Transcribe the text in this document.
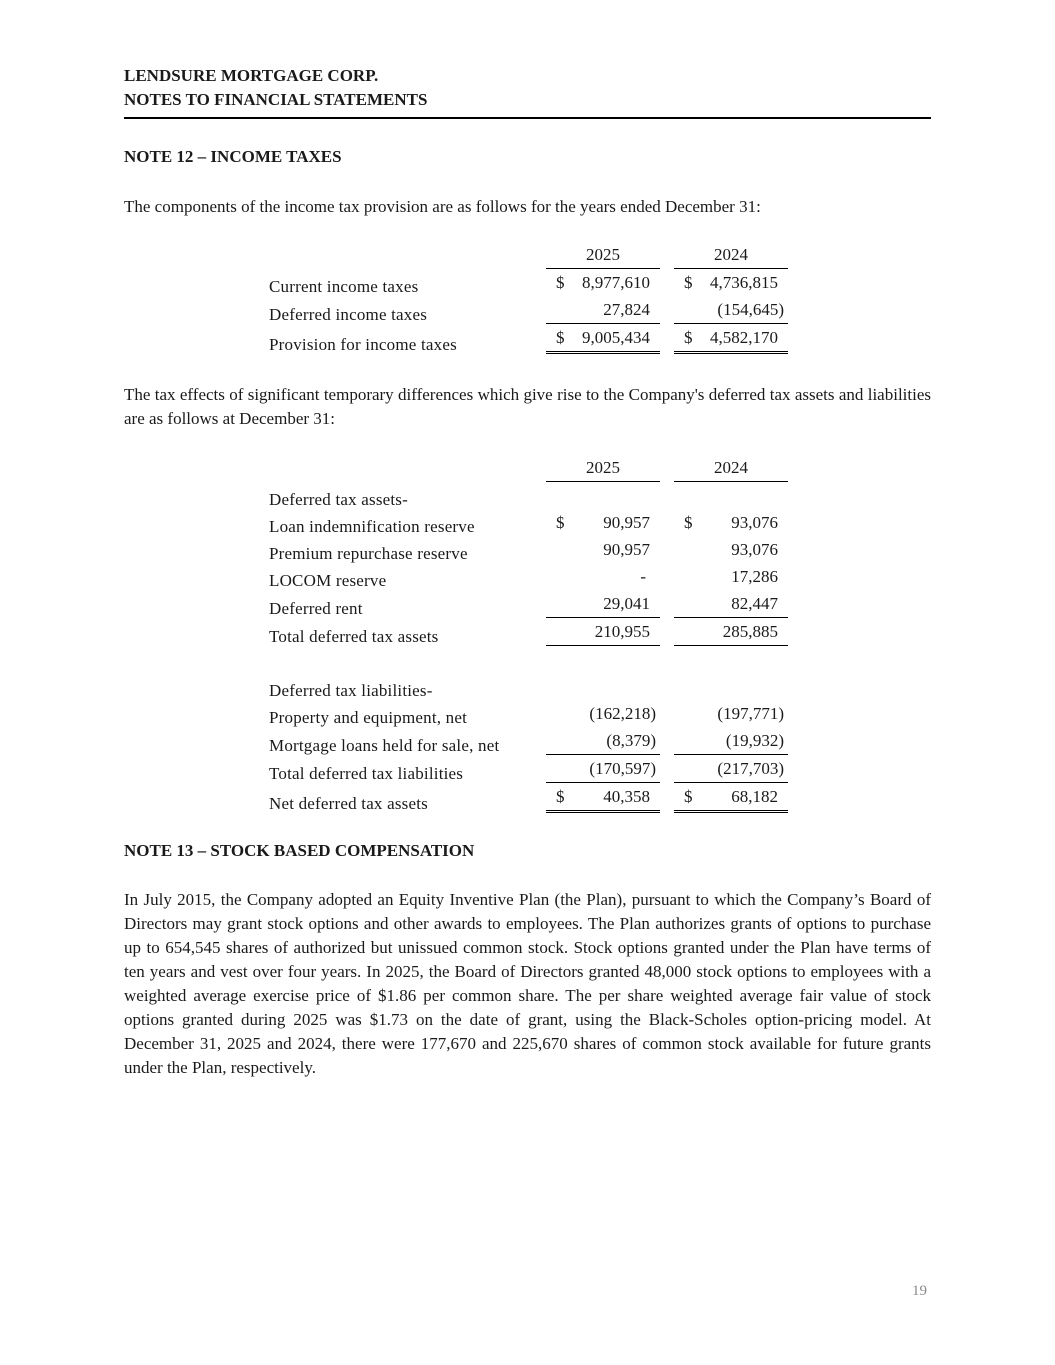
LENDSURE MORTGAGE CORP.
NOTES TO FINANCIAL STATEMENTS
NOTE 12 – INCOME TAXES
The components of the income tax provision are as follows for the years ended December 31:

	2025		2024

Current income taxes	$ 8,977,610		$ 4,736,815

Deferred income taxes	27,824		(154,645)

Provision for income taxes	$ 9,005,434		$ 4,582,170
The tax effects of significant temporary differences which give rise to the Company's deferred tax assets and liabilities are as follows at December 31:

	2025		2024

Deferred tax assets-			
Loan indemnification reserve	$ 90,957		$ 93,076

Premium repurchase reserve	90,957		93,076

LOCOM reserve	-		17,286

Deferred rent	29,041		82,447

Total deferred tax assets	210,955		285,885

Deferred tax liabilities-			
Property and equipment, net	(162,218)		(197,771)

Mortgage loans held for sale, net	(8,379)		(19,932)

Total deferred tax liabilities	(170,597)		(217,703)

Net deferred tax assets	$ 40,358		$ 68,182
NOTE 13 – STOCK BASED COMPENSATION
In July 2015, the Company adopted an Equity Inventive Plan (the Plan), pursuant to which the Company’s Board of Directors may grant stock options and other awards to employees. The Plan authorizes grants of options to purchase up to 654,545 shares of authorized but unissued common stock. Stock options granted under the Plan have terms of ten years and vest over four years. In 2025, the Board of Directors granted 48,000 stock options to employees with a weighted average exercise price of $1.86 per common share. The per share weighted average fair value of stock options granted during 2025 was $1.73 on the date of grant, using the Black-Scholes option-pricing model. At December 31, 2025 and 2024, there were 177,670 and 225,670 shares of common stock available for future grants under the Plan, respectively.
19
